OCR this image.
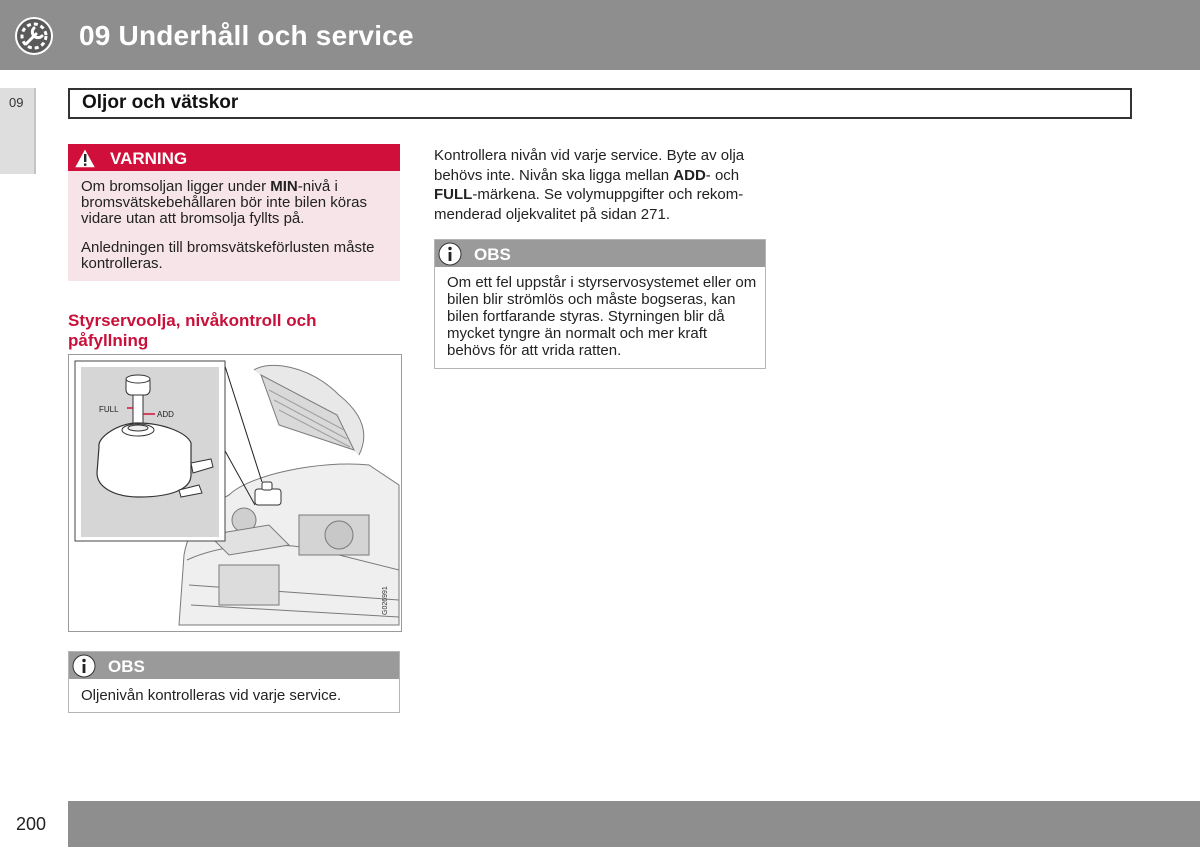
09 Underhåll och service
09	Oljor och vätskor
VARNING

Om bromsoljan ligger under MIN-nivå i bromsvätskebehållaren bör inte bilen köras vidare utan att bromsolja fyllts på.

Anledningen till bromsvätskeförlusten måste kontrolleras.

Styrservoolja, nivåkontroll och påfyllning
FULL
ADD
G026991
OBS

Oljenivån kontrolleras vid varje service.

Kontrollera nivån vid varje service. Byte av olja behövs inte. Nivån ska ligga mellan ADD- och FULL-märkena. Se volymuppgifter och rekom-menderad oljekvalitet på sidan 271.

OBS

Om ett fel uppstår i styrservosystemet eller om bilen blir strömlös och måste bogseras, kan bilen fortfarande styras. Styrningen blir då mycket tyngre än normalt och mer kraft behövs för att vrida ratten.

200
